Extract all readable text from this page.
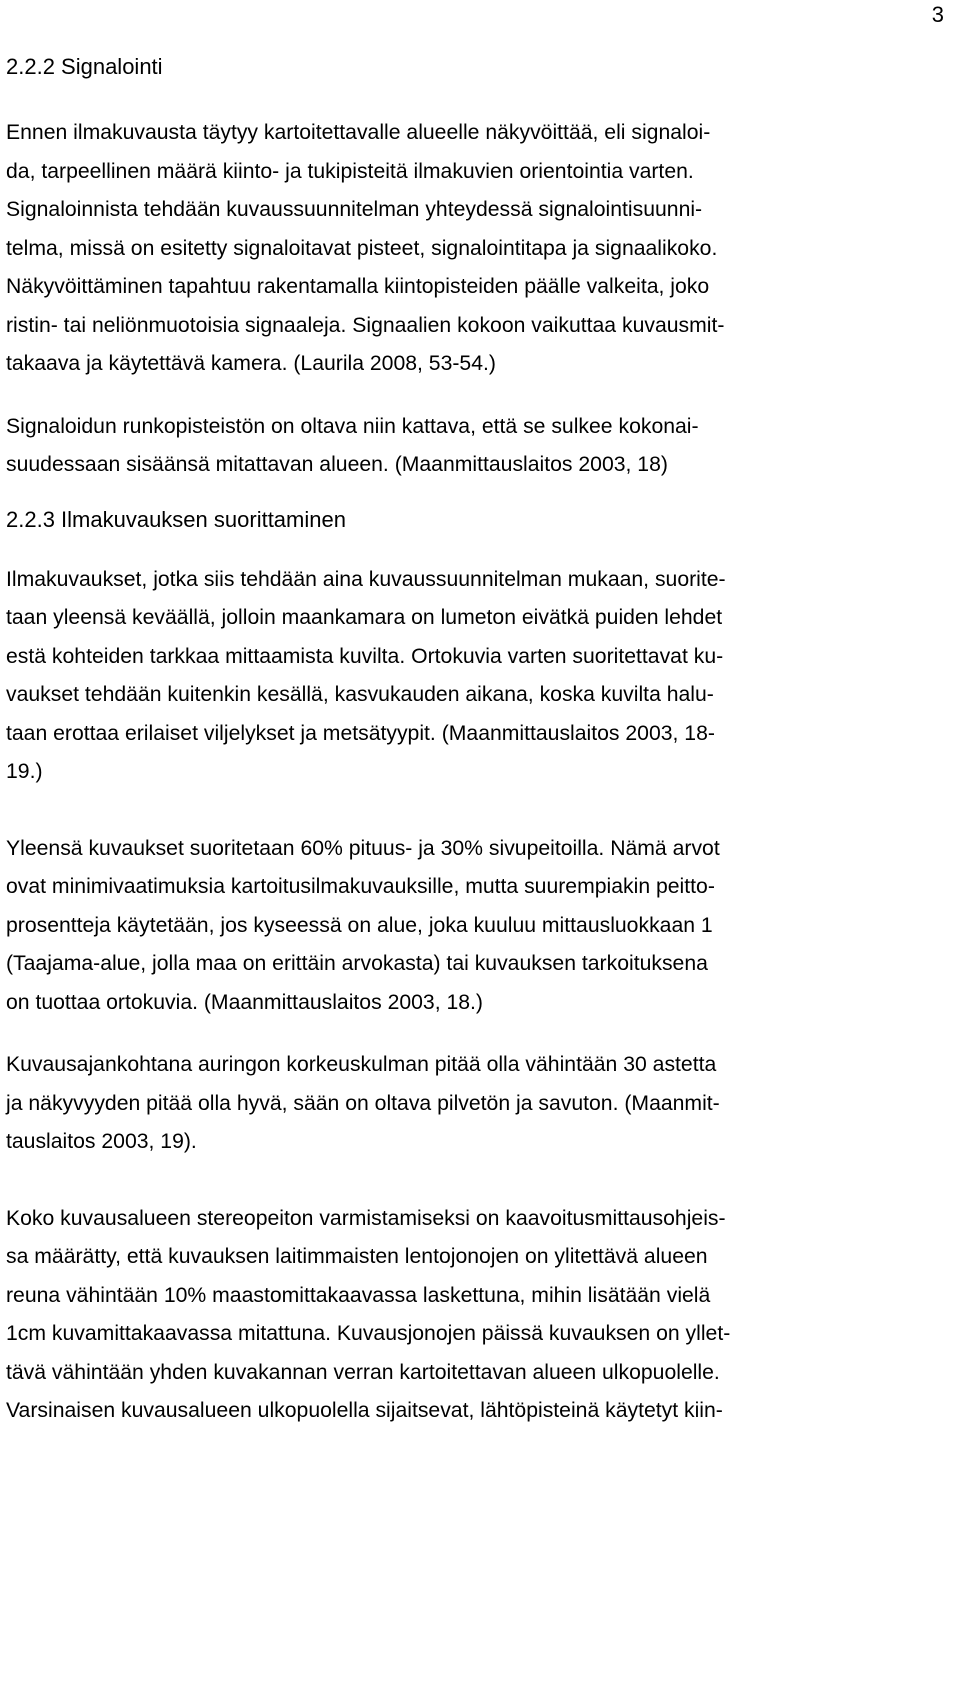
3
2.2.2 Signalointi

Ennen ilmakuvausta täytyy kartoitettavalle alueelle näkyvöittää, eli signaloi-
da, tarpeellinen määrä kiinto- ja tukipisteitä ilmakuvien orientointia varten.
Signaloinnista tehdään kuvaussuunnitelman yhteydessä signalointisuunni-
telma, missä on esitetty signaloitavat pisteet, signalointitapa ja signaalikoko.
Näkyvöittäminen tapahtuu rakentamalla kiintopisteiden päälle valkeita, joko
ristin- tai neliönmuotoisia signaaleja. Signaalien kokoon vaikuttaa kuvausmit-
takaava ja käytettävä kamera. (Laurila 2008, 53-54.)

Signaloidun runkopisteistön on oltava niin kattava, että se sulkee kokonai-
suudessaan sisäänsä mitattavan alueen. (Maanmittauslaitos 2003, 18)

2.2.3 Ilmakuvauksen suorittaminen

Ilmakuvaukset, jotka siis tehdään aina kuvaussuunnitelman mukaan, suorite-
taan yleensä keväällä, jolloin maankamara on lumeton eivätkä puiden lehdet
estä kohteiden tarkkaa mittaamista kuvilta. Ortokuvia varten suoritettavat ku-
vaukset tehdään kuitenkin kesällä, kasvukauden aikana, koska kuvilta halu-
taan erottaa erilaiset viljelykset ja metsätyypit. (Maanmittauslaitos 2003, 18-
19.)

Yleensä kuvaukset suoritetaan 60% pituus- ja 30% sivupeitoilla. Nämä arvot
ovat minimivaatimuksia kartoitusilmakuvauksille, mutta suurempiakin peitto-
prosentteja käytetään, jos kyseessä on alue, joka kuuluu mittausluokkaan 1
(Taajama-alue, jolla maa on erittäin arvokasta) tai kuvauksen tarkoituksena
on tuottaa ortokuvia. (Maanmittauslaitos 2003, 18.)

Kuvausajankohtana auringon korkeuskulman pitää olla vähintään 30 astetta
ja näkyvyyden pitää olla hyvä, sään on oltava pilvetön ja savuton. (Maanmit-
tauslaitos 2003, 19).

Koko kuvausalueen stereopeiton varmistamiseksi on kaavoitusmittausohjeis-
sa määrätty, että kuvauksen laitimmaisten lentojonojen on ylitettävä alueen
reuna vähintään 10% maastomittakaavassa laskettuna, mihin lisätään vielä
1cm kuvamittakaavassa mitattuna. Kuvausjonojen päissä kuvauksen on yllet-
tävä vähintään yhden kuvakannan verran kartoitettavan alueen ulkopuolelle.
Varsinaisen kuvausalueen ulkopuolella sijaitsevat, lähtöpisteinä käytetyt kiin-
